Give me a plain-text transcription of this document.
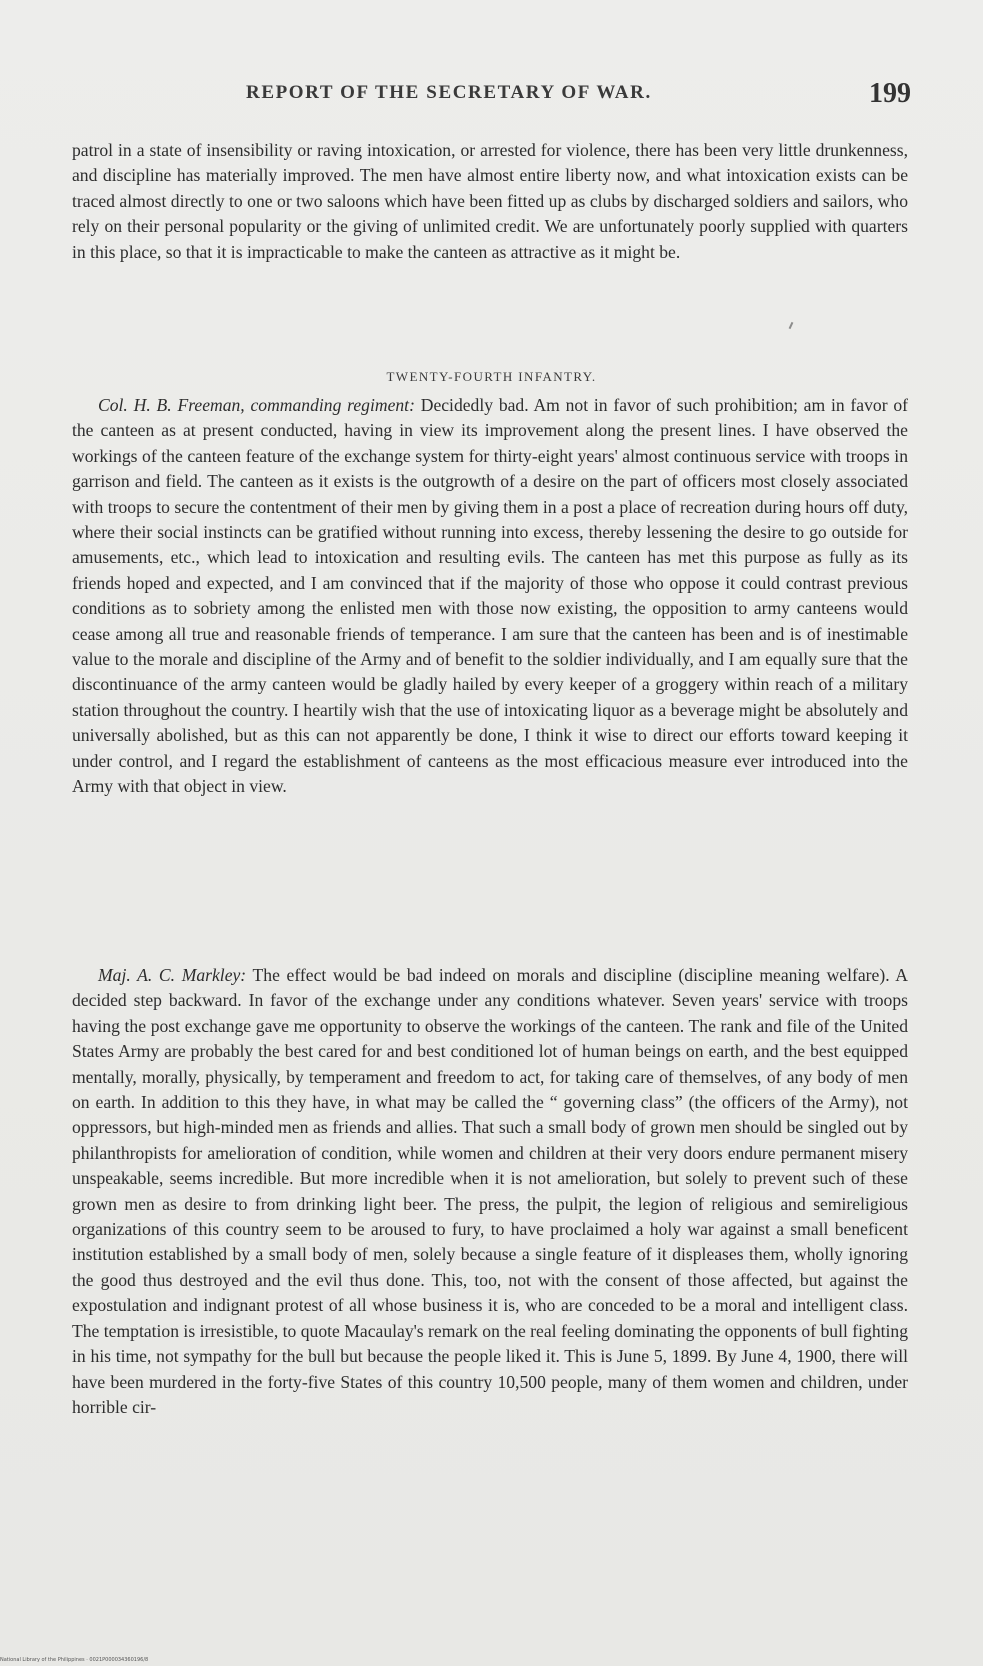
REPORT OF THE SECRETARY OF WAR.	199

patrol in a state of insensibility or raving intoxication, or arrested for violence, there has been very little drunkenness, and discipline has materially improved. The men have almost entire liberty now, and what intoxication exists can be traced almost directly to one or two saloons which have been fitted up as clubs by discharged soldiers and sailors, who rely on their personal popularity or the giving of unlimited credit. We are unfortunately poorly supplied with quarters in this place, so that it is impracticable to make the canteen as attractive as it might be.

TWENTY-FOURTH INFANTRY.

Col. H. B. Freeman, commanding regiment: Decidedly bad. Am not in favor of such prohibition; am in favor of the canteen as at present conducted, having in view its improvement along the present lines. I have observed the workings of the canteen feature of the exchange system for thirty-eight years' almost continuous service with troops in garrison and field. The canteen as it exists is the outgrowth of a desire on the part of officers most closely associated with troops to secure the contentment of their men by giving them in a post a place of recreation during hours off duty, where their social instincts can be gratified without running into excess, thereby lessening the desire to go outside for amusements, etc., which lead to intoxication and resulting evils. The canteen has met this purpose as fully as its friends hoped and expected, and I am convinced that if the majority of those who oppose it could contrast previous conditions as to sobriety among the enlisted men with those now existing, the opposition to army canteens would cease among all true and reasonable friends of temperance. I am sure that the canteen has been and is of inestimable value to the morale and discipline of the Army and of benefit to the soldier individually, and I am equally sure that the discontinuance of the army canteen would be gladly hailed by every keeper of a groggery within reach of a military station throughout the country. I heartily wish that the use of intoxicating liquor as a beverage might be absolutely and universally abolished, but as this can not apparently be done, I think it wise to direct our efforts toward keeping it under control, and I regard the establishment of canteens as the most efficacious measure ever introduced into the Army with that object in view.

Maj. A. C. Markley: The effect would be bad indeed on morals and discipline (discipline meaning welfare). A decided step backward. In favor of the exchange under any conditions whatever. Seven years' service with troops having the post exchange gave me opportunity to observe the workings of the canteen. The rank and file of the United States Army are probably the best cared for and best conditioned lot of human beings on earth, and the best equipped mentally, morally, physically, by temperament and freedom to act, for taking care of themselves, of any body of men on earth. In addition to this they have, in what may be called the “ governing class” (the officers of the Army), not oppressors, but high-minded men as friends and allies. That such a small body of grown men should be singled out by philanthropists for amelioration of condition, while women and children at their very doors endure permanent misery unspeakable, seems incredible. But more incredible when it is not amelioration, but solely to prevent such of these grown men as desire to from drinking light beer. The press, the pulpit, the legion of religious and semireligious organizations of this country seem to be aroused to fury, to have proclaimed a holy war against a small beneficent institution established by a small body of men, solely because a single feature of it displeases them, wholly ignoring the good thus destroyed and the evil thus done. This, too, not with the consent of those affected, but against the expostulation and indignant protest of all whose business it is, who are conceded to be a moral and intelligent class. The temptation is irresistible, to quote Macaulay's remark on the real feeling dominating the opponents of bull fighting in his time, not sympathy for the bull but because the people liked it. This is June 5, 1899. By June 4, 1900, there will have been murdered in the forty-five States of this country 10,500 people, many of them women and children, under horrible cir-

National Library of the Philippines · 0021P000034360196/8
